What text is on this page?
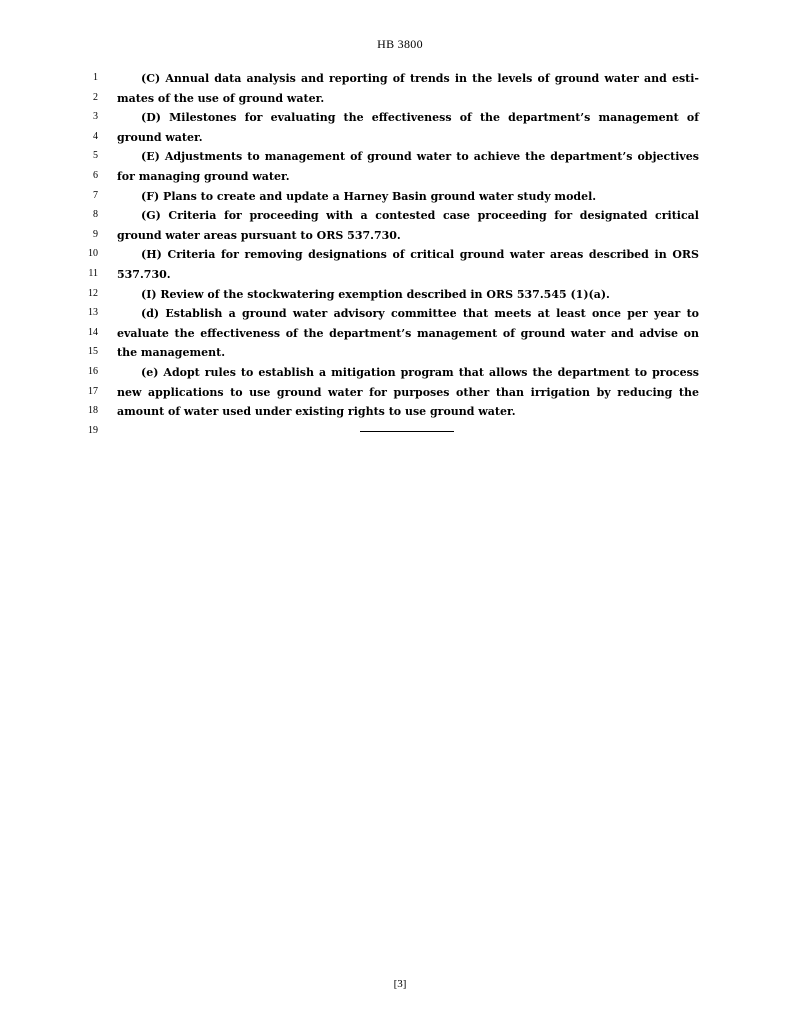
HB 3800
1	(C) Annual data analysis and reporting of trends in the levels of ground water and esti-
2 mates of the use of ground water.
3	(D) Milestones for evaluating the effectiveness of the department’s management of
4 ground water.
5	(E) Adjustments to management of ground water to achieve the department’s objectives
6 for managing ground water.
7	(F) Plans to create and update a Harney Basin ground water study model.
8	(G) Criteria for proceeding with a contested case proceeding for designated critical
9 ground water areas pursuant to ORS 537.730.
10	(H) Criteria for removing designations of critical ground water areas described in ORS
11 537.730.
12	(I) Review of the stockwatering exemption described in ORS 537.545 (1)(a).
13	(d) Establish a ground water advisory committee that meets at least once per year to
14 evaluate the effectiveness of the department’s management of ground water and advise on
15 the management.
16	(e) Adopt rules to establish a mitigation program that allows the department to process
17 new applications to use ground water for purposes other than irrigation by reducing the
18 amount of water used under existing rights to use ground water.
19
[3]
